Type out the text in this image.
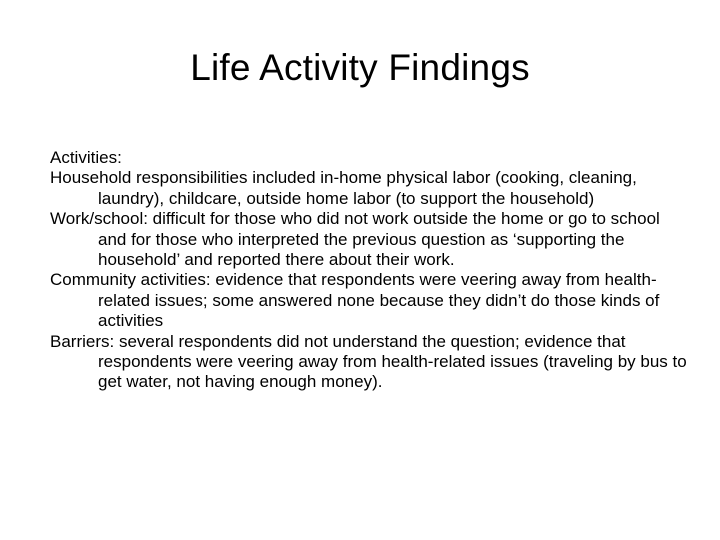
Life Activity Findings

Activities:

Household responsibilities included in-home physical labor (cooking, cleaning, laundry), childcare, outside home labor (to support the household)

Work/school: difficult for those who did not work outside the home or go to school and for those who interpreted the previous question as ‘supporting the household’ and reported there about their work.

Community activities: evidence that respondents were veering away from health-related issues; some answered none because they didn’t do those kinds of activities

Barriers: several respondents did not understand the question; evidence that respondents were veering away from health-related issues (traveling by bus to get water, not having enough money).
